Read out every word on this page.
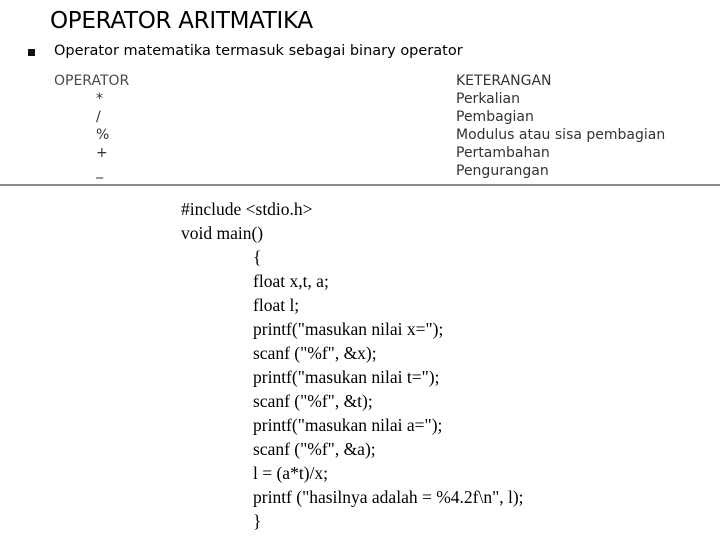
OPERATOR ARITMATIKA
Operator matematika termasuk sebagai binary operator
OPERATOR
*
/
%
+
_
KETERANGAN
Perkalian
Pembagian
Modulus atau sisa pembagian
Pertambahan
Pengurangan
#include <stdio.h>
void main()
{
float x,t, a;
float l;
printf("masukan nilai x=");
scanf ("%f", &x);
printf("masukan nilai t=");
scanf ("%f", &t);
printf("masukan nilai a=");
scanf ("%f", &a);
l = (a*t)/x;
printf ("hasilnya adalah = %4.2f\n", l);
}
